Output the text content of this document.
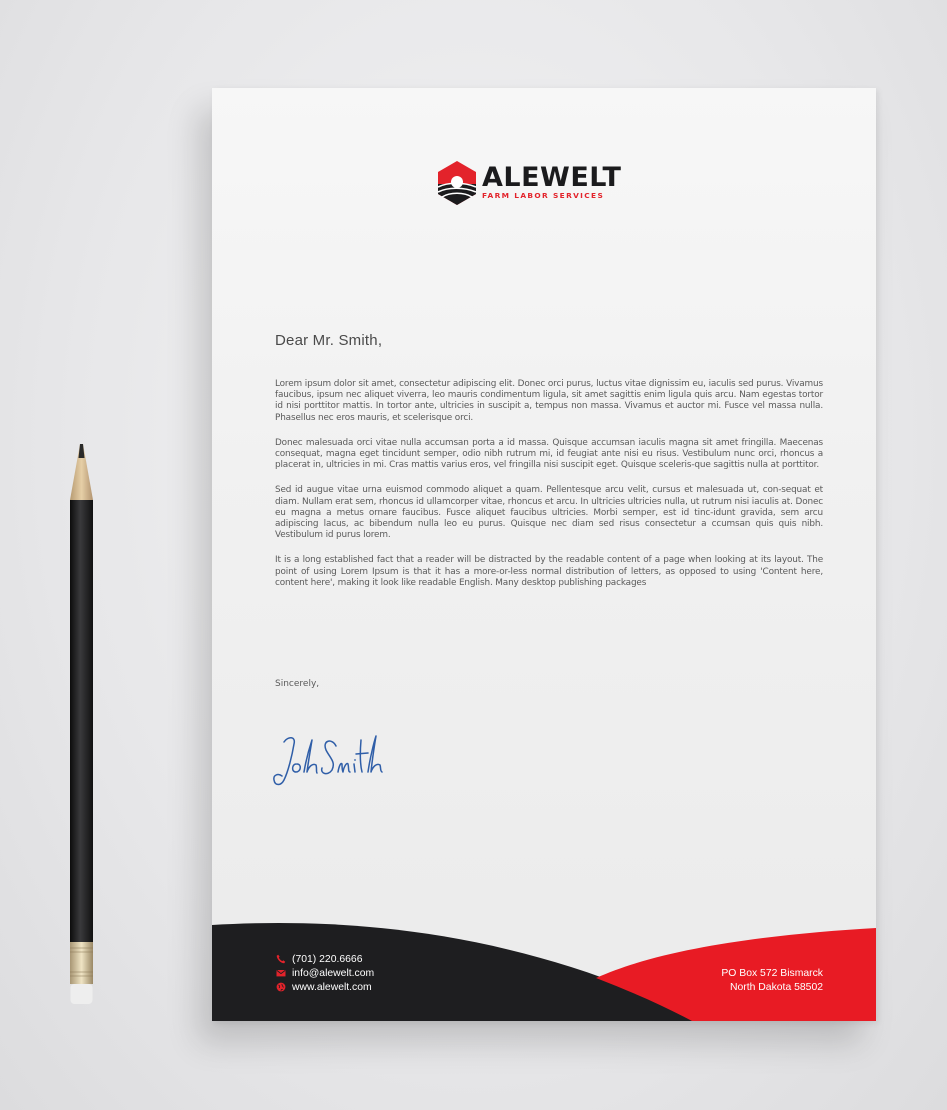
ALEWELT
FARM LABOR SERVICES
Dear Mr. Smith,

Lorem ipsum dolor sit amet, consectetur adipiscing elit. Donec orci purus, luctus vitae dignissim eu, iaculis sed purus. Vivamus faucibus, ipsum nec aliquet viverra, leo mauris condimentum ligula, sit amet sagittis enim ligula quis arcu. Nam egestas tortor id nisi porttitor mattis. In tortor ante, ultricies in suscipit a, tempus non massa. Vivamus et auctor mi. Fusce vel massa nulla. Phasellus nec eros mauris, et scelerisque orci.

Donec malesuada orci vitae nulla accumsan porta a id massa. Quisque accumsan iaculis magna sit amet fringilla. Maecenas consequat, magna eget tincidunt semper, odio nibh rutrum mi, id feugiat ante nisi eu risus. Vestibulum nunc orci, rhoncus a placerat in, ultricies in mi. Cras mattis varius eros, vel fringilla nisi suscipit eget. Quisque sceleris-que sagittis nulla at porttitor.

Sed id augue vitae urna euismod commodo aliquet a quam. Pellentesque arcu velit, cursus et malesuada ut, con-sequat et diam. Nullam erat sem, rhoncus id ullamcorper vitae, rhoncus et arcu. In ultricies ultricies nulla, ut rutrum nisi iaculis at. Donec eu magna a metus ornare faucibus. Fusce aliquet faucibus ultricies. Morbi semper, est id tinc-idunt gravida, sem arcu adipiscing lacus, ac bibendum nulla leo eu purus. Quisque nec diam sed risus consectetur a ccumsan quis quis nibh. Vestibulum id purus lorem.

It is a long established fact that a reader will be distracted by the readable content of a page when looking at its layout. The point of using Lorem Ipsum is that it has a more-or-less normal distribution of letters, as opposed to using 'Content here, content here', making it look like readable English. Many desktop publishing packages

Sincerely,
(701) 220.6666
info@alewelt.com
www.alewelt.com
PO Box 572 Bismarck
North Dakota 58502
